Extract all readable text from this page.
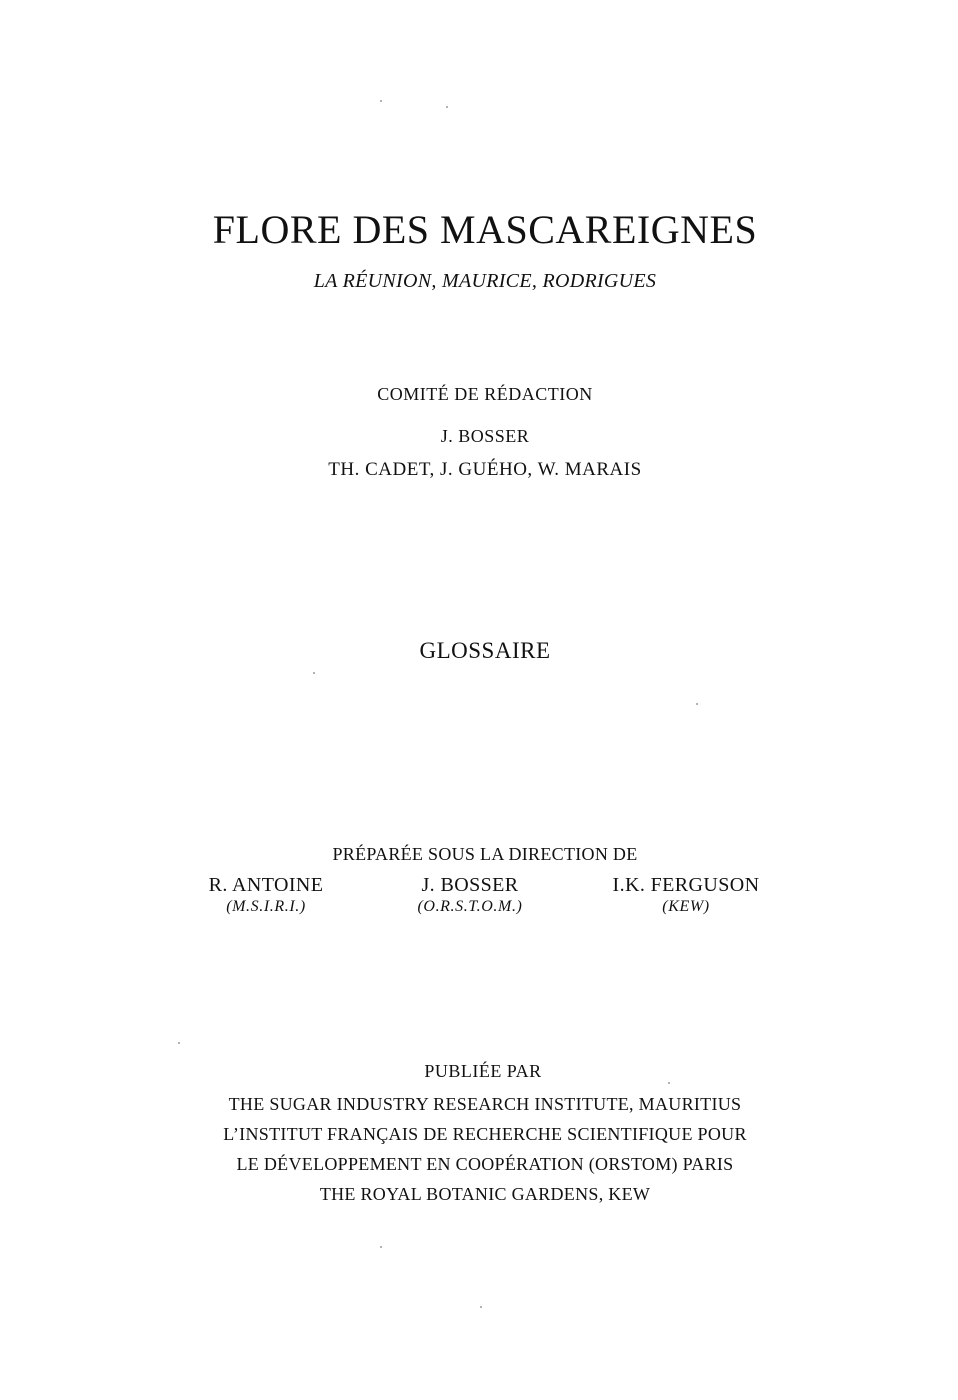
FLORE DES MASCAREIGNES
LA RÉUNION, MAURICE, RODRIGUES
COMITÉ DE RÉDACTION
J. BOSSER
TH. CADET, J. GUÉHO, W. MARAIS
GLOSSAIRE
PRÉPARÉE SOUS LA DIRECTION DE
R. ANTOINE
(M.S.I.R.I.)
J. BOSSER
(O.R.S.T.O.M.)
I.K. FERGUSON
(KEW)
PUBLIÉE PAR
THE SUGAR INDUSTRY RESEARCH INSTITUTE, MAURITIUS
L’INSTITUT FRANÇAIS DE RECHERCHE SCIENTIFIQUE POUR
LE DÉVELOPPEMENT EN COOPÉRATION (ORSTOM) PARIS
THE ROYAL BOTANIC GARDENS, KEW
